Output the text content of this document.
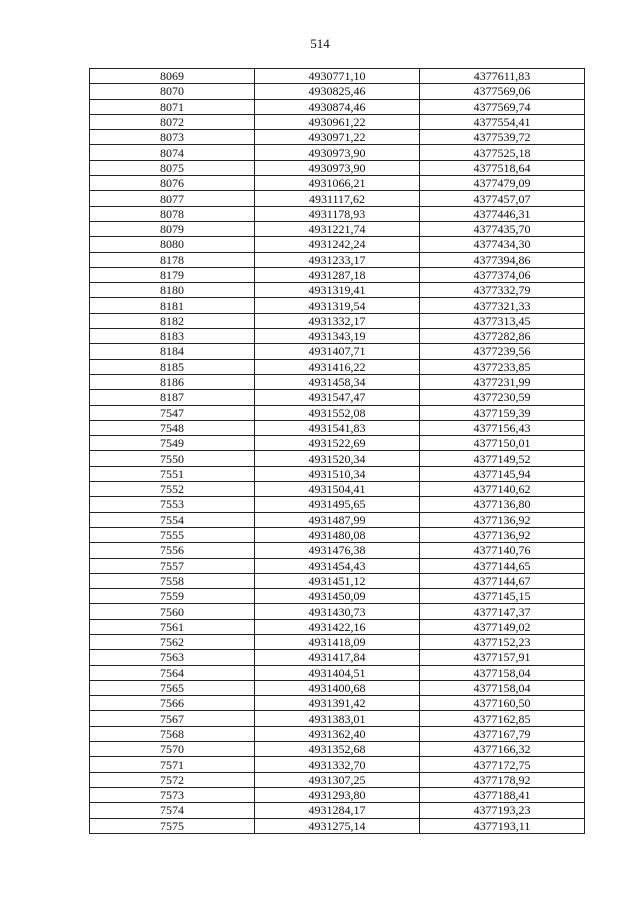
514
8069	4930771,10	4377611,83
8070	4930825,46	4377569,06
8071	4930874,46	4377569,74
8072	4930961,22	4377554,41
8073	4930971,22	4377539,72
8074	4930973,90	4377525,18
8075	4930973,90	4377518,64
8076	4931066,21	4377479,09
8077	4931117,62	4377457,07
8078	4931178,93	4377446,31
8079	4931221,74	4377435,70
8080	4931242,24	4377434,30
8178	4931233,17	4377394,86
8179	4931287,18	4377374,06
8180	4931319,41	4377332,79
8181	4931319,54	4377321,33
8182	4931332,17	4377313,45
8183	4931343,19	4377282,86
8184	4931407,71	4377239,56
8185	4931416,22	4377233,85
8186	4931458,34	4377231,99
8187	4931547,47	4377230,59
7547	4931552,08	4377159,39
7548	4931541,83	4377156,43
7549	4931522,69	4377150,01
7550	4931520,34	4377149,52
7551	4931510,34	4377145,94
7552	4931504,41	4377140,62
7553	4931495,65	4377136,80
7554	4931487,99	4377136,92
7555	4931480,08	4377136,92
7556	4931476,38	4377140,76
7557	4931454,43	4377144,65
7558	4931451,12	4377144,67
7559	4931450,09	4377145,15
7560	4931430,73	4377147,37
7561	4931422,16	4377149,02
7562	4931418,09	4377152,23
7563	4931417,84	4377157,91
7564	4931404,51	4377158,04
7565	4931400,68	4377158,04
7566	4931391,42	4377160,50
7567	4931383,01	4377162,85
7568	4931362,40	4377167,79
7570	4931352,68	4377166,32
7571	4931332,70	4377172,75
7572	4931307,25	4377178,92
7573	4931293,80	4377188,41
7574	4931284,17	4377193,23
7575	4931275,14	4377193,11
